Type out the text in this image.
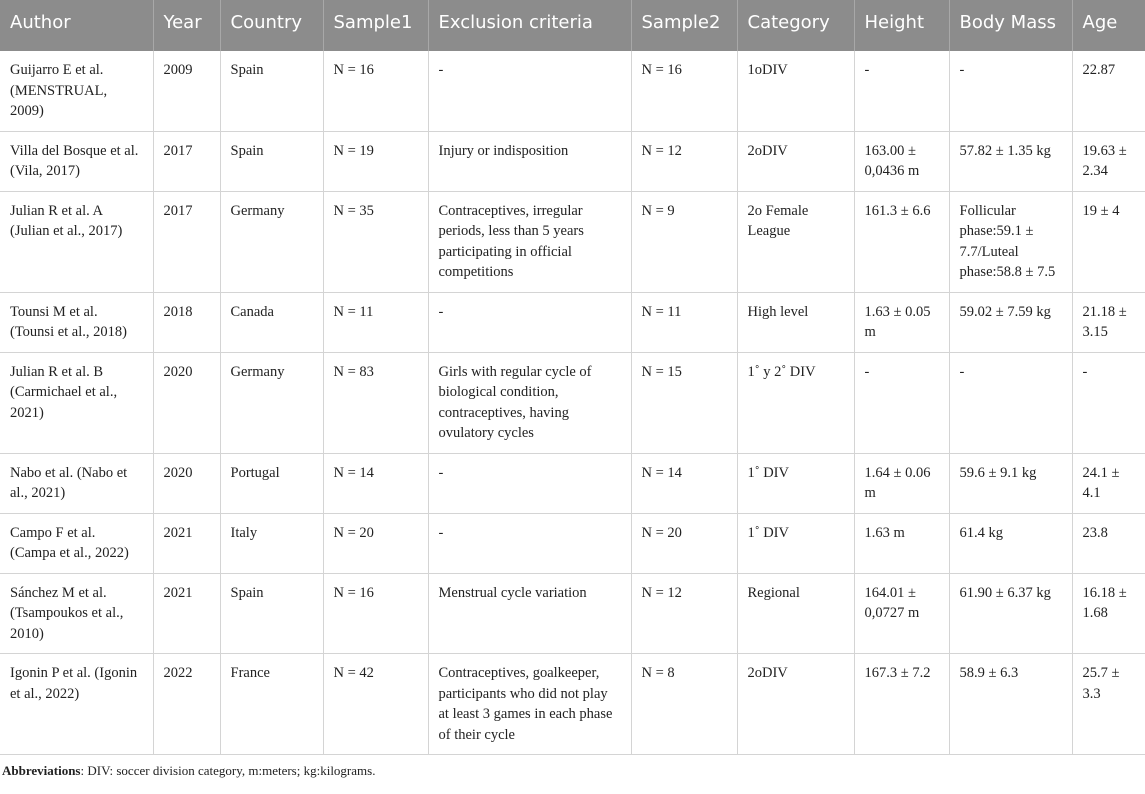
Author	Year	Country	Sample1	Exclusion criteria	Sample2	Category	Height	Body Mass	Age
Guijarro E et al. (MENSTRUAL, 2009)	2009	Spain	N = 16	-	N = 16	1oDIV	-	-	22.87
Villa del Bosque et al. (Vila, 2017)	2017	Spain	N = 19	Injury or indisposition	N = 12	2oDIV	163.00 ± 0,0436 m	57.82 ± 1.35 kg	19.63 ± 2.34
Julian R et al. A (Julian et al., 2017)	2017	Germany	N = 35	Contraceptives, irregular periods, less than 5 years participating in official competitions	N = 9	2o Female League	161.3 ± 6.6	Follicular phase:59.1 ± 7.7/Luteal phase:58.8 ± 7.5	19 ± 4
Tounsi M et al. (Tounsi et al., 2018)	2018	Canada	N = 11	-	N = 11	High level	1.63 ± 0.05 m	59.02 ± 7.59 kg	21.18 ± 3.15
Julian R et al. B (Carmichael et al., 2021)	2020	Germany	N = 83	Girls with regular cycle of biological condition, contraceptives, having ovulatory cycles	N = 15	1˚ y 2˚ DIV	-	-	-
Nabo et al. (Nabo et al., 2021)	2020	Portugal	N = 14	-	N = 14	1˚ DIV	1.64 ± 0.06 m	59.6 ± 9.1 kg	24.1 ± 4.1
Campo F et al. (Campa et al., 2022)	2021	Italy	N = 20	-	N = 20	1˚ DIV	1.63 m	61.4 kg	23.8
Sánchez M et al. (Tsampoukos et al., 2010)	2021	Spain	N = 16	Menstrual cycle variation	N = 12	Regional	164.01 ± 0,0727 m	61.90 ± 6.37 kg	16.18 ± 1.68
Igonin P et al. (Igonin et al., 2022)	2022	France	N = 42	Contraceptives, goalkeeper, participants who did not play at least 3 games in each phase of their cycle	N = 8	2oDIV	167.3 ± 7.2	58.9 ± 6.3	25.7 ± 3.3
Abbreviations: DIV: soccer division category, m:meters; kg:kilograms.
